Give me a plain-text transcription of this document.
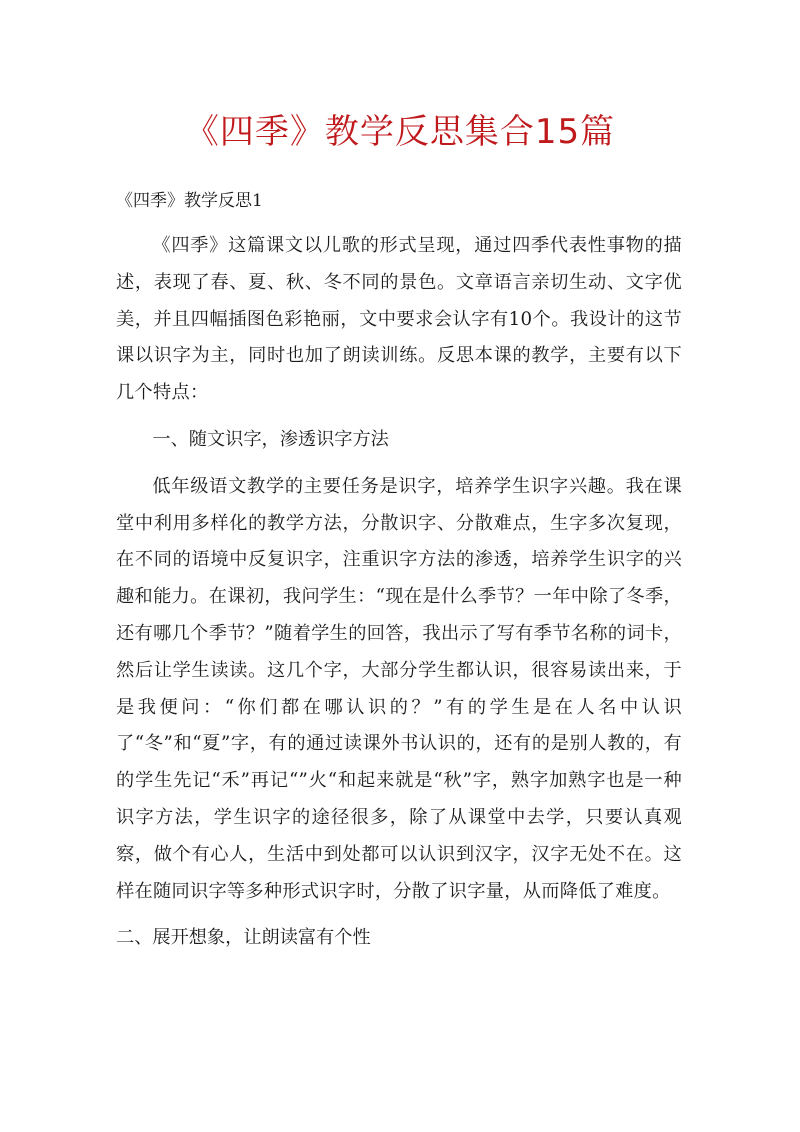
《四季》教学反思集合15篇

《四季》教学反思1

《四季》这篇课文以儿歌的形式呈现，通过四季代表性事物的描述，表现了春、夏、秋、冬不同的景色。文章语言亲切生动、文字优美，并且四幅插图色彩艳丽，文中要求会认字有10个。我设计的这节课以识字为主，同时也加了朗读训练。反思本课的教学，主要有以下几个特点：

一、随文识字，渗透识字方法

低年级语文教学的主要任务是识字，培养学生识字兴趣。我在课堂中利用多样化的教学方法，分散识字、分散难点，生字多次复现，在不同的语境中反复识字，注重识字方法的渗透，培养学生识字的兴趣和能力。在课初，我问学生：“现在是什么季节？一年中除了冬季，还有哪几个季节？”随着学生的回答，我出示了写有季节名称的词卡，然后让学生读读。这几个字，大部分学生都认识，很容易读出来，于是我便问：“你们都在哪认识的？”有的学生是在人名中认识了“冬”和“夏”字，有的通过读课外书认识的，还有的是别人教的，有的学生先记“禾”再记“”火“和起来就是“秋”字，熟字加熟字也是一种识字方法，学生识字的途径很多，除了从课堂中去学，只要认真观察，做个有心人，生活中到处都可以认识到汉字，汉字无处不在。这样在随同识字等多种形式识字时，分散了识字量，从而降低了难度。

二、展开想象，让朗读富有个性
